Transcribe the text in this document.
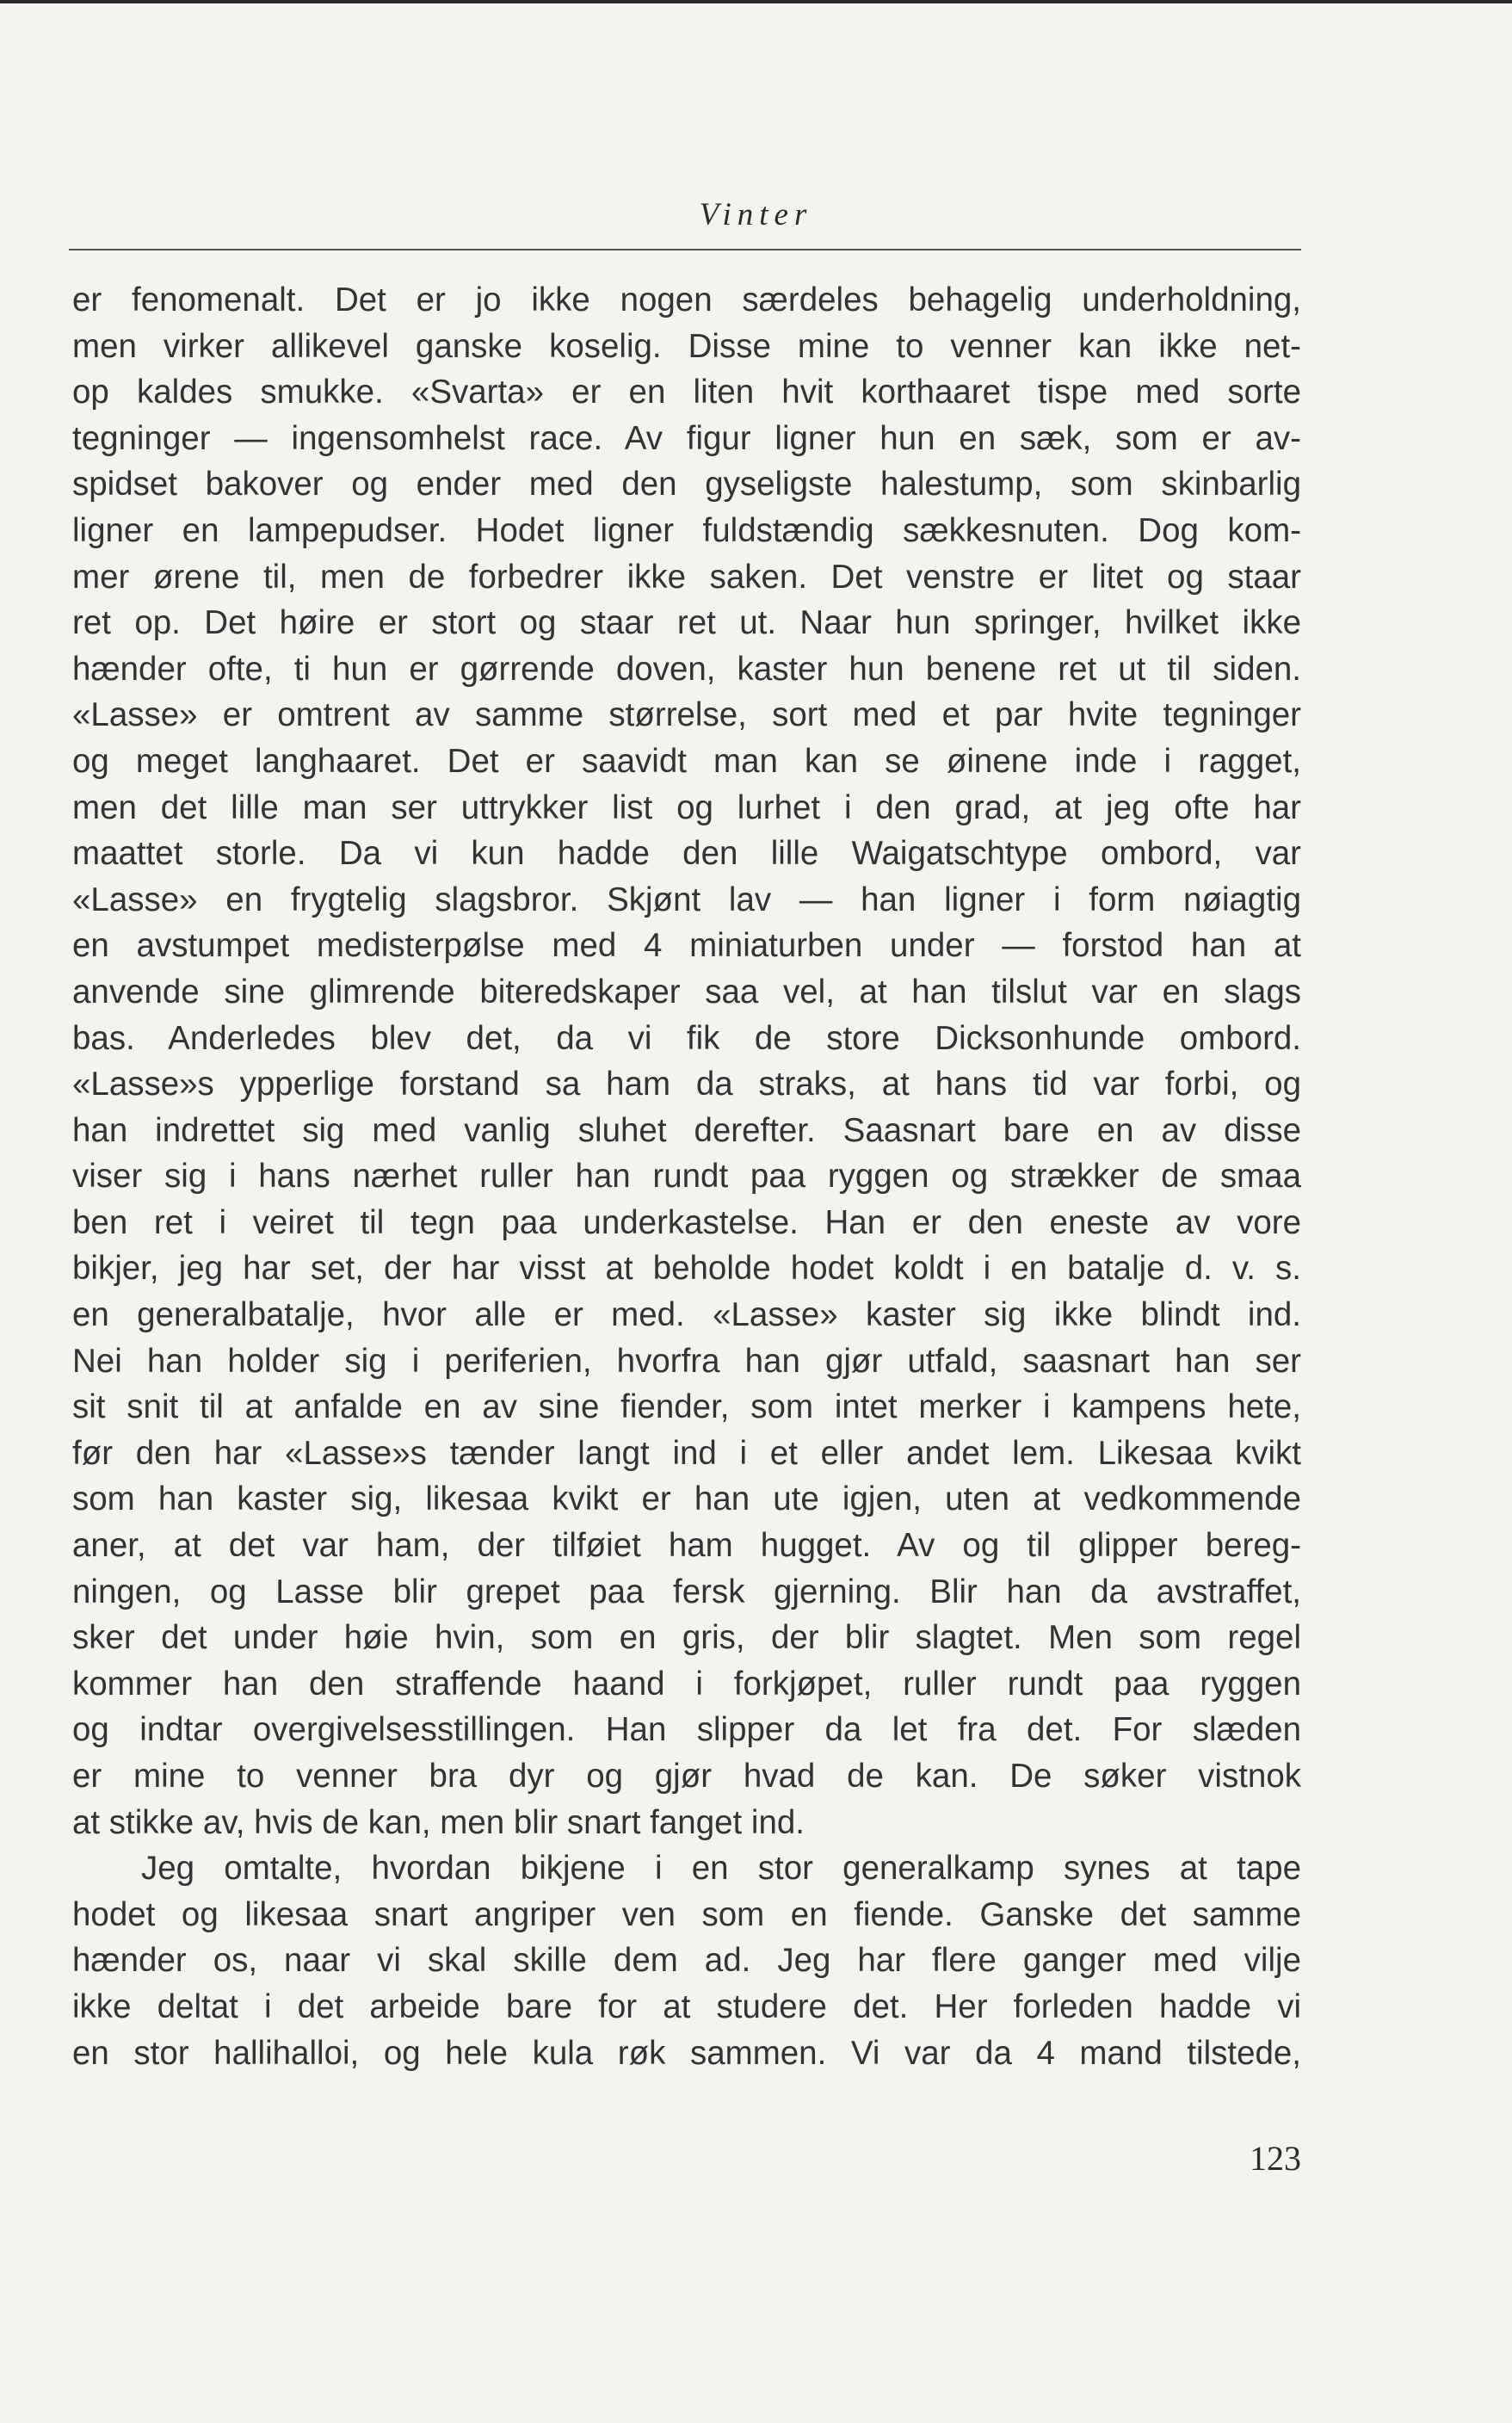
Vinter
er fenomenalt. Det er jo ikke nogen særdeles behagelig underholdning,
men virker allikevel ganske koselig. Disse mine to venner kan ikke net-
op kaldes smukke. «Svarta» er en liten hvit korthaaret tispe med sorte
tegninger — ingensomhelst race. Av figur ligner hun en sæk, som er av-
spidset bakover og ender med den gyseligste halestump, som skinbarlig
ligner en lampepudser. Hodet ligner fuldstændig sækkesnuten. Dog kom-
mer ørene til, men de forbedrer ikke saken. Det venstre er litet og staar
ret op. Det høire er stort og staar ret ut. Naar hun springer, hvilket ikke
hænder ofte, ti hun er gørrende doven, kaster hun benene ret ut til siden.
«Lasse» er omtrent av samme størrelse, sort med et par hvite tegninger
og meget langhaaret. Det er saavidt man kan se øinene inde i ragget,
men det lille man ser uttrykker list og lurhet i den grad, at jeg ofte har
maattet storle. Da vi kun hadde den lille Waigatschtype ombord, var
«Lasse» en frygtelig slagsbror. Skjønt lav — han ligner i form nøiagtig
en avstumpet medisterpølse med 4 miniaturben under — forstod han at
anvende sine glimrende biteredskaper saa vel, at han tilslut var en slags
bas. Anderledes blev det, da vi fik de store Dicksonhunde ombord.
«Lasse»s ypperlige forstand sa ham da straks, at hans tid var forbi, og
han indrettet sig med vanlig sluhet derefter. Saasnart bare en av disse
viser sig i hans nærhet ruller han rundt paa ryggen og strækker de smaa
ben ret i veiret til tegn paa underkastelse. Han er den eneste av vore
bikjer, jeg har set, der har visst at beholde hodet koldt i en batalje d. v. s.
en generalbatalje, hvor alle er med. «Lasse» kaster sig ikke blindt ind.
Nei han holder sig i periferien, hvorfra han gjør utfald, saasnart han ser
sit snit til at anfalde en av sine fiender, som intet merker i kampens hete,
før den har «Lasse»s tænder langt ind i et eller andet lem. Likesaa kvikt
som han kaster sig, likesaa kvikt er han ute igjen, uten at vedkommende
aner, at det var ham, der tilføiet ham hugget. Av og til glipper bereg-
ningen, og Lasse blir grepet paa fersk gjerning. Blir han da avstraffet,
sker det under høie hvin, som en gris, der blir slagtet. Men som regel
kommer han den straffende haand i forkjøpet, ruller rundt paa ryggen
og indtar overgivelsesstillingen. Han slipper da let fra det. For slæden
er mine to venner bra dyr og gjør hvad de kan. De søker vistnok
at stikke av, hvis de kan, men blir snart fanget ind.
Jeg omtalte, hvordan bikjene i en stor generalkamp synes at tape
hodet og likesaa snart angriper ven som en fiende. Ganske det samme
hænder os, naar vi skal skille dem ad. Jeg har flere ganger med vilje
ikke deltat i det arbeide bare for at studere det. Her forleden hadde vi
en stor hallihalloi, og hele kula røk sammen. Vi var da 4 mand tilstede,
123
